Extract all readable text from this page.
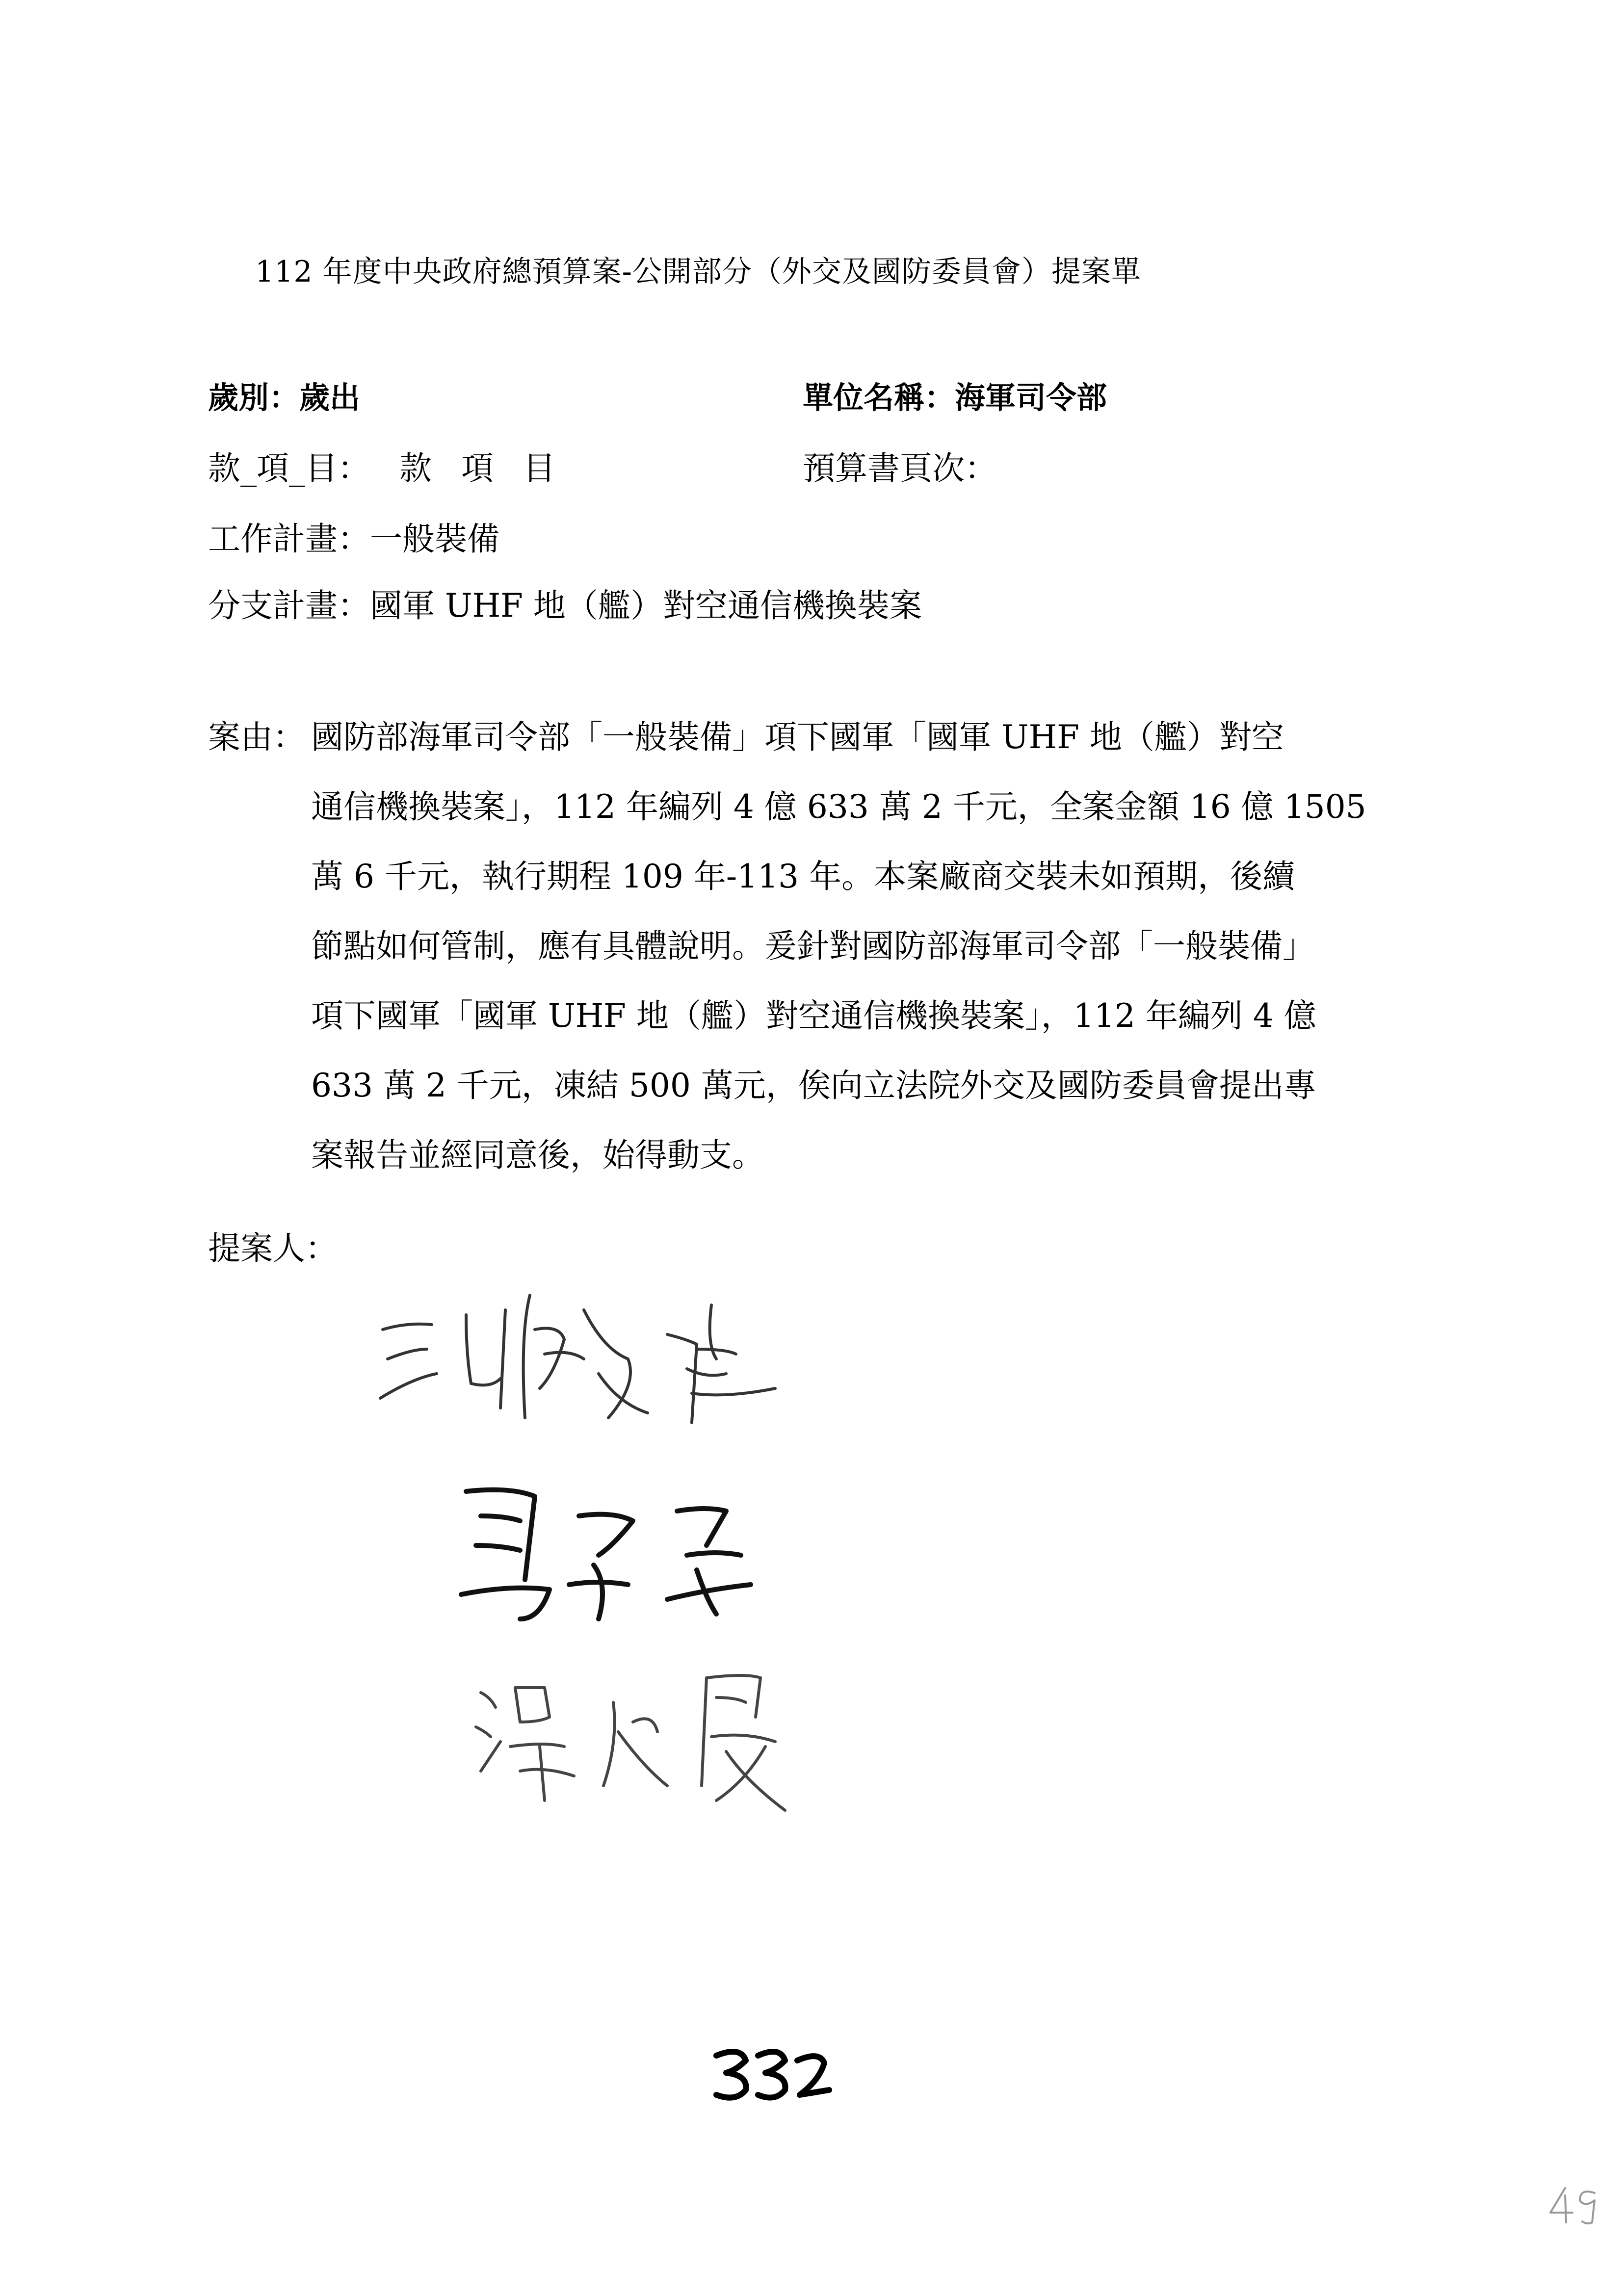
112 年度中央政府總預算案-公開部分（外交及國防委員會）提案單
歲別：歲出	單位名稱：海軍司令部
款_項_目： 款項目	預算書頁次：
工作計畫：一般裝備
分支計畫：國軍 UHF 地（艦）對空通信機換裝案
案由： 國防部海軍司令部「一般裝備」項下國軍「國軍 UHF 地（艦）對空

通信機換裝案」，112 年編列 4 億 633 萬 2 千元，全案金額 16 億 1505

萬 6 千元，執行期程 109 年-113 年。本案廠商交裝未如預期，後續

節點如何管制，應有具體說明。爰針對國防部海軍司令部「一般裝備」

項下國軍「國軍 UHF 地（艦）對空通信機換裝案」，112 年編列 4 億

633 萬 2 千元，凍結 500 萬元，俟向立法院外交及國防委員會提出專

案報告並經同意後，始得動支。

提案人：
